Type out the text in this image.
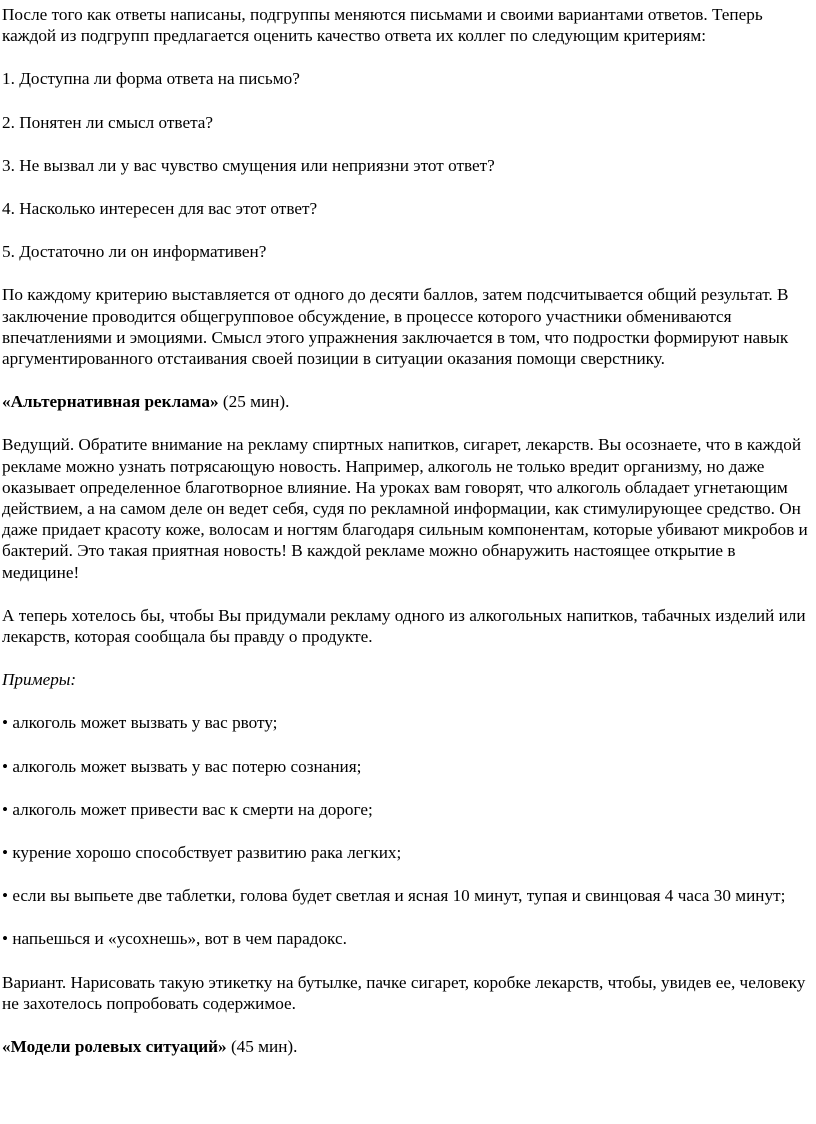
После того как ответы написаны, подгруппы меняются письмами и своими вариантами ответов. Теперь каждой из подгрупп предлагается оценить качество ответа их коллег по следующим критериям:

1. Доступна ли форма ответа на письмо?

2. Понятен ли смысл ответа?

3. Не вызвал ли у вас чувство смущения или неприязни этот ответ?

4. Насколько интересен для вас этот ответ?

5. Достаточно ли он информативен?

По каждому критерию выставляется от одного до десяти баллов, затем подсчитывается общий результат. В заключение проводится общегрупповое обсуждение, в процессе которого участники обмениваются впечатлениями и эмоциями. Смысл этого упражнения заключается в том, что подростки формируют навык аргументированного отстаивания своей позиции в ситуации оказания помощи сверстнику.

«Альтернативная реклама» (25 мин).

Ведущий. Обратите внимание на рекламу спиртных напитков, сигарет, лекарств. Вы осознаете, что в каждой рекламе можно узнать потрясающую новость. Например, алкоголь не только вредит организму, но даже оказывает определенное благотворное влияние. На уроках вам говорят, что алкоголь обладает угнетающим действием, а на самом деле он ведет себя, судя по рекламной информации, как стимулирующее средство. Он даже придает красоту коже, волосам и ногтям благодаря сильным компонентам, которые убивают микробов и бактерий. Это такая приятная новость! В каждой рекламе можно обнаружить настоящее открытие в медицине!

А теперь хотелось бы, чтобы Вы придумали рекламу одного из алкогольных напитков, табачных изделий или лекарств, которая сообщала бы правду о продукте.

Примеры:

• алкоголь может вызвать у вас рвоту;

• алкоголь может вызвать у вас потерю сознания;

• алкоголь может привести вас к смерти на дороге;

• курение хорошо способствует развитию рака легких;

• если вы выпьете две таблетки, голова будет светлая и ясная 10 минут, тупая и свинцовая 4 часа 30 минут;

• напьешься и «усохнешь», вот в чем парадокс.

Вариант. Нарисовать такую этикетку на бутылке, пачке сигарет, коробке лекарств, чтобы, увидев ее, человеку не захотелось попробовать содержимое.

«Модели ролевых ситуаций» (45 мин).
